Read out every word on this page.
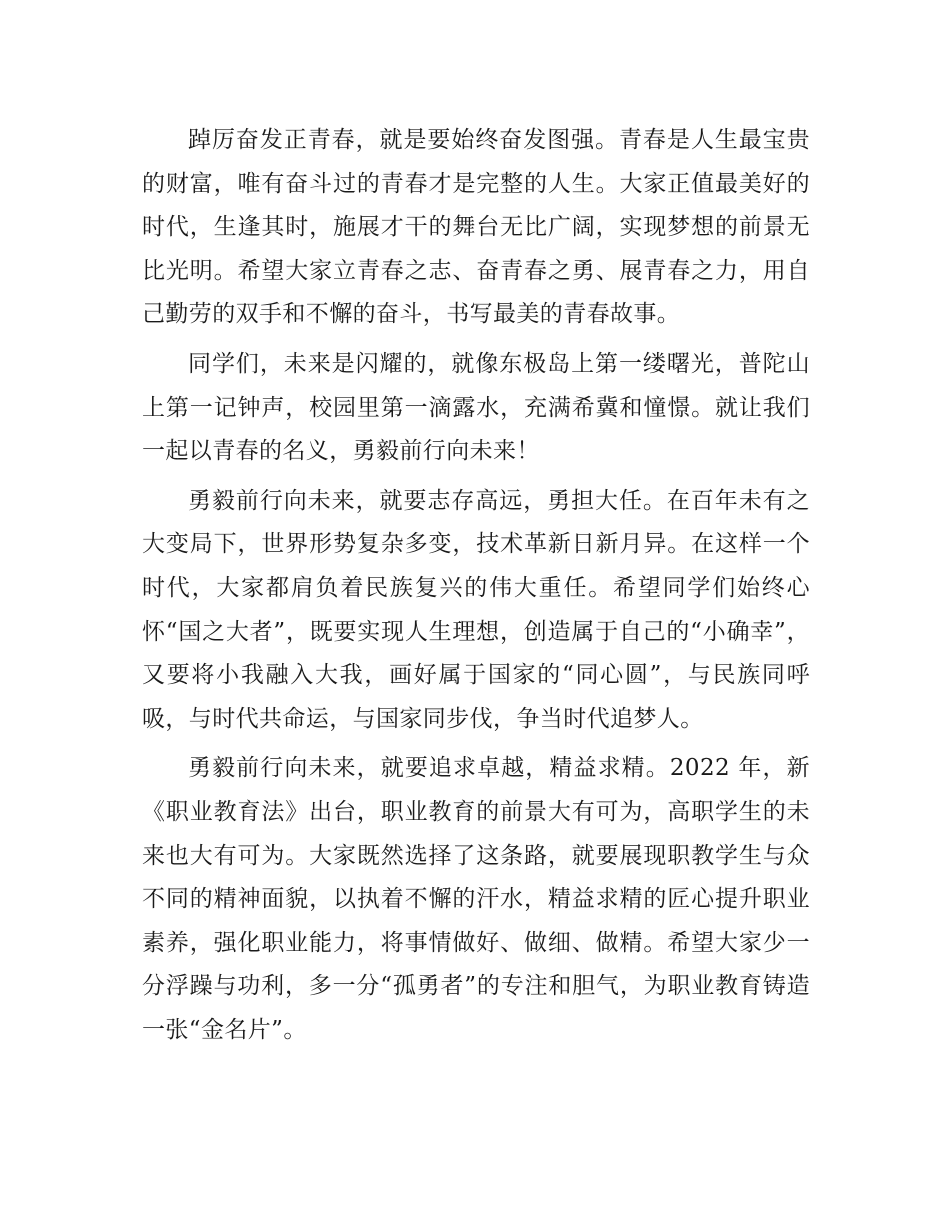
踔厉奋发正青春，就是要始终奋发图强。青春是人生最宝贵的财富，唯有奋斗过的青春才是完整的人生。大家正值最美好的时代，生逢其时，施展才干的舞台无比广阔，实现梦想的前景无比光明。希望大家立青春之志、奋青春之勇、展青春之力，用自己勤劳的双手和不懈的奋斗，书写最美的青春故事。

同学们，未来是闪耀的，就像东极岛上第一缕曙光，普陀山上第一记钟声，校园里第一滴露水，充满希冀和憧憬。就让我们一起以青春的名义，勇毅前行向未来！

勇毅前行向未来，就要志存高远，勇担大任。在百年未有之大变局下，世界形势复杂多变，技术革新日新月异。在这样一个时代，大家都肩负着民族复兴的伟大重任。希望同学们始终心怀“国之大者”，既要实现人生理想，创造属于自己的“小确幸”，又要将小我融入大我，画好属于国家的“同心圆”，与民族同呼吸，与时代共命运，与国家同步伐，争当时代追梦人。

勇毅前行向未来，就要追求卓越，精益求精。2022 年，新《职业教育法》出台，职业教育的前景大有可为，高职学生的未来也大有可为。大家既然选择了这条路，就要展现职教学生与众不同的精神面貌，以执着不懈的汗水，精益求精的匠心提升职业素养，强化职业能力，将事情做好、做细、做精。希望大家少一分浮躁与功利，多一分“孤勇者”的专注和胆气，为职业教育铸造一张“金名片”。
